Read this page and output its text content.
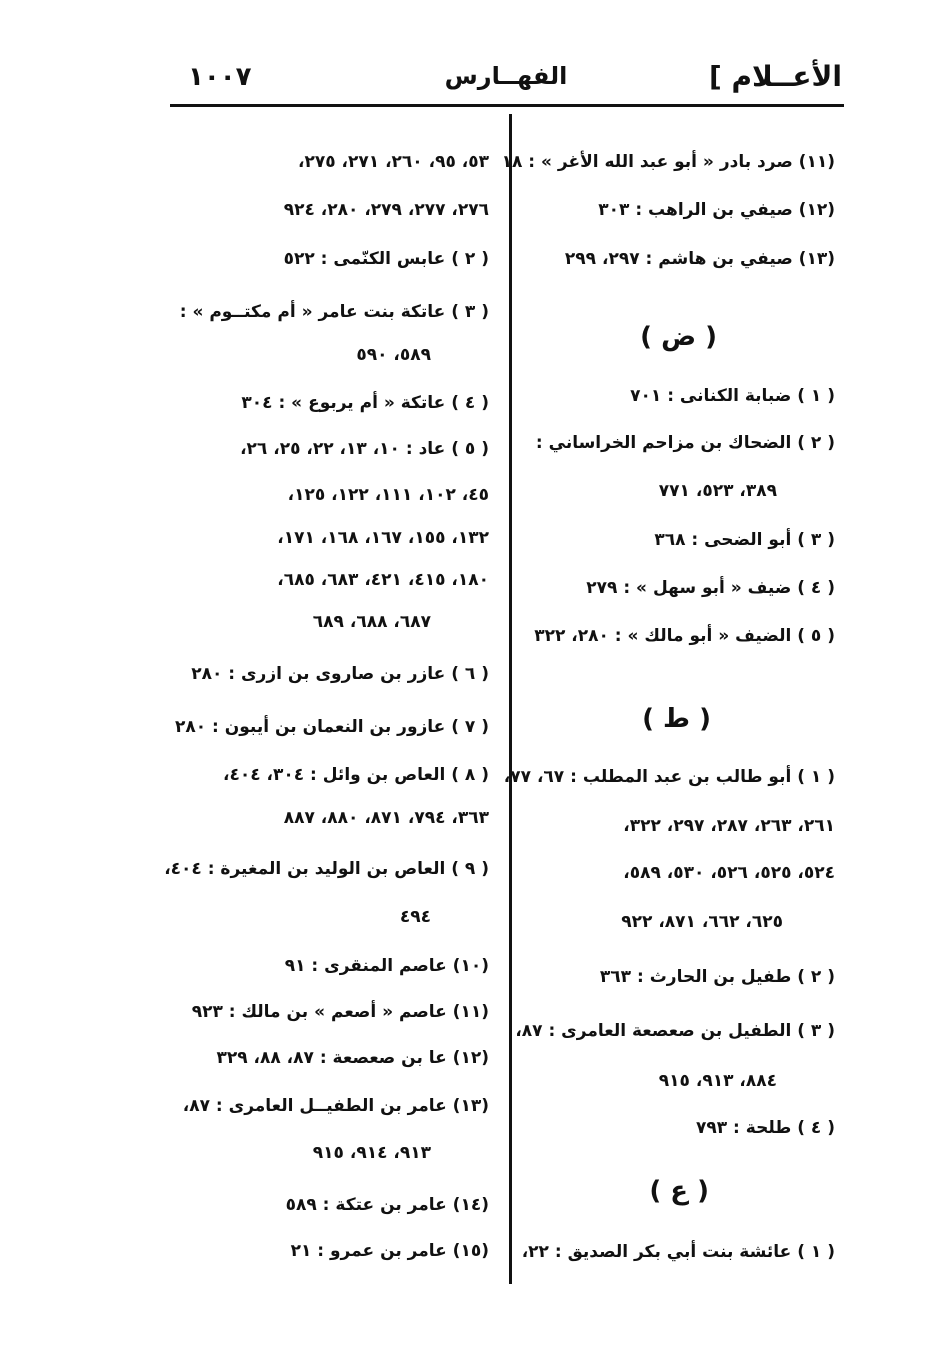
الأعــلام ]
الفهــارس
١٠٠٧
(١١) صرد بادر « أبو عبد الله الأغر » : ١٨
(١٢) صيفي بن الراهب : ٣٠٣
(١٣) صيفي بن هاشم : ٢٩٧، ٢٩٩
( ١ ) ضبابة الكنانى : ٧٠١
( ٢ ) الضحاك بن مزاحم الخراساني :
٣٨٩، ٥٢٣، ٧٧١
( ٣ ) أبو الضحى : ٣٦٨
( ٤ ) ضيف « أبو سهل » : ٢٧٩
( ٥ ) الضيف « أبو مالك » : ٢٨٠، ٣٢٢
( ١ ) أبو طالب بن عبد المطلب : ٦٧، ٧٧،
٢٦١، ٢٦٣، ٢٨٧، ٢٩٧، ٣٢٢،
٥٢٤، ٥٢٥، ٥٢٦، ٥٣٠، ٥٨٩،
٦٢٥، ٦٦٢، ٨٧١، ٩٢٢
( ٢ ) طفيل بن الحارث : ٣٦٣
( ٣ ) الطفيل بن صعصعة العامرى : ٨٧،
٨٨٤، ٩١٣، ٩١٥
( ٤ ) طلحة : ٧٩٣
( ١ ) عائشة بنت أبي بكر الصديق : ٢٢،
( ض )
( ط )
( ع )
٥٣، ٩٥، ٢٦٠، ٢٧١، ٢٧٥،
٢٧٦، ٢٧٧، ٢٧٩، ٢٨٠، ٩٢٤
( ٢ ) عابس الكنّمى : ٥٢٢
( ٣ ) عاتكة بنت عامر « أم مكتــوم » :
٥٨٩، ٥٩٠
( ٤ ) عاتكة « أم يربوع » : ٣٠٤
( ٥ ) عاد : ١٠، ١٣، ٢٢، ٢٥، ٢٦،
٤٥، ١٠٢، ١١١، ١٢٢، ١٢٥،
١٣٢، ١٥٥، ١٦٧، ١٦٨، ١٧١،
١٨٠، ٤١٥، ٤٢١، ٦٨٣، ٦٨٥،
٦٨٧، ٦٨٨، ٦٨٩
( ٦ ) عازر بن صاروى بن ازرى : ٢٨٠
( ٧ ) عازور بن النعمان بن أيبون : ٢٨٠
( ٨ ) العاص بن وائل : ٣٠٤، ٤٠٤،
٣٦٣، ٧٩٤، ٨٧١، ٨٨٠، ٨٨٧
( ٩ ) العاص بن الوليد بن المغيرة : ٤٠٤،
٤٩٤
(١٠) عاصم المنقرى : ٩١
(١١) عاصم « أصعم » بن مالك : ٩٢٣
(١٢) عا بن صعصعة : ٨٧، ٨٨، ٣٢٩
(١٣) عامر بن الطفيــل العامرى : ٨٧،
٩١٣، ٩١٤، ٩١٥
(١٤) عامر بن عتكة : ٥٨٩
(١٥) عامر بن عمرو : ٢١
